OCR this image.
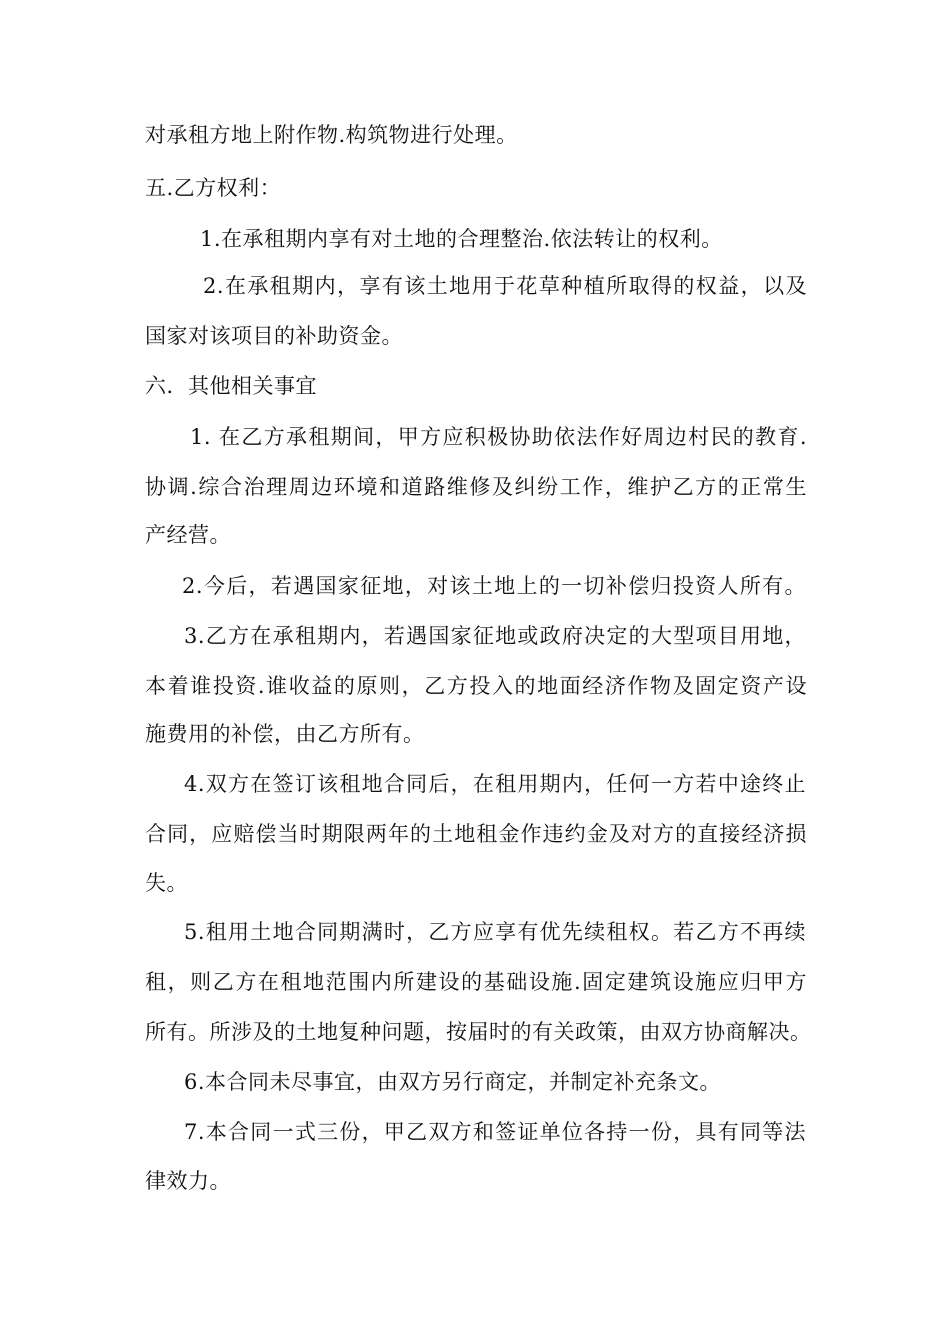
对承租方地上附作物.构筑物进行处理。
五.乙方权利：
1.在承租期内享有对土地的合理整治.依法转让的权利。
2.在承租期内，享有该土地用于花草种植所取得的权益，以及
国家对该项目的补助资金。
六．其他相关事宜
1. 在乙方承租期间，甲方应积极协助依法作好周边村民的教育.
协调.综合治理周边环境和道路维修及纠纷工作，维护乙方的正常生
产经营。
2.今后，若遇国家征地，对该土地上的一切补偿归投资人所有。
3.乙方在承租期内，若遇国家征地或政府决定的大型项目用地，
本着谁投资.谁收益的原则，乙方投入的地面经济作物及固定资产设
施费用的补偿，由乙方所有。
4.双方在签订该租地合同后，在租用期内，任何一方若中途终止
合同，应赔偿当时期限两年的土地租金作违约金及对方的直接经济损
失。
5.租用土地合同期满时，乙方应享有优先续租权。若乙方不再续
租，则乙方在租地范围内所建设的基础设施.固定建筑设施应归甲方
所有。所涉及的土地复种问题，按届时的有关政策，由双方协商解决。
6.本合同未尽事宜，由双方另行商定，并制定补充条文。
7.本合同一式三份，甲乙双方和签证单位各持一份，具有同等法
律效力。
